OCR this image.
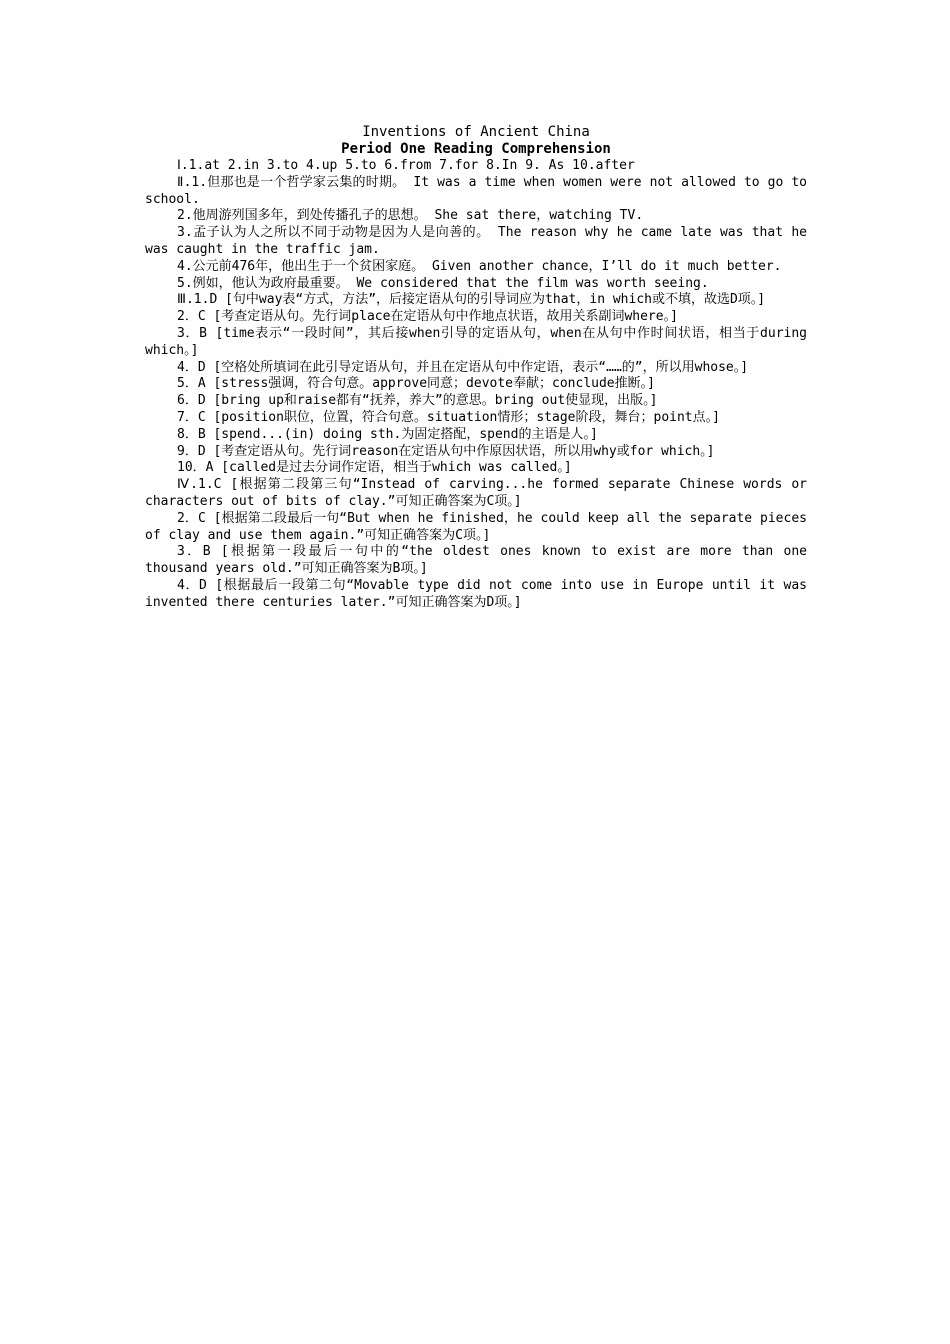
Inventions of Ancient China
Period One Reading Comprehension

Ⅰ.1.at 2.in 3.to 4.up 5.to 6.from 7.for 8.In 9. As 10.after

Ⅱ.1.但那也是一个哲学家云集的时期。 It was a time when women were not allowed to go to school.

2.他周游列国多年，到处传播孔子的思想。 She sat there，watching TV.

3.孟子认为人之所以不同于动物是因为人是向善的。 The reason why he came late was that he was caught in the traffic jam.

4.公元前476年，他出生于一个贫困家庭。 Given another chance，I’ll do it much better.

5.例如，他认为政府最重要。 We considered that the film was worth seeing.

Ⅲ.1.D [句中way表“方式，方法”，后接定语从句的引导词应为that，in which或不填，故选D项。]

2．C [考查定语从句。先行词place在定语从句中作地点状语，故用关系副词where。]

3．B [time表示“一段时间”，其后接when引导的定语从句，when在从句中作时间状语，相当于during which。]

4．D [空格处所填词在此引导定语从句，并且在定语从句中作定语，表示“……的”，所以用whose。]

5．A [stress强调，符合句意。approve同意；devote奉献；conclude推断。]

6．D [bring up和raise都有“抚养，养大”的意思。bring out使显现，出版。]

7．C [position职位，位置，符合句意。situation情形；stage阶段，舞台；point点。]

8．B [spend...(in) doing sth.为固定搭配，spend的主语是人。]

9．D [考查定语从句。先行词reason在定语从句中作原因状语，所以用why或for which。]

10．A [called是过去分词作定语，相当于which was called。]

Ⅳ.1.C [根据第二段第三句“Instead of carving...he formed separate Chinese words or characters out of bits of clay.”可知正确答案为C项。]

2．C [根据第二段最后一句“But when he finished，he could keep all the separate pieces of clay and use them again.”可知正确答案为C项。]

3．B [根据第一段最后一句中的“the oldest ones known to exist are more than one thousand years old.”可知正确答案为B项。]

4．D [根据最后一段第二句“Movable type did not come into use in Europe until it was invented there centuries later.”可知正确答案为D项。]
